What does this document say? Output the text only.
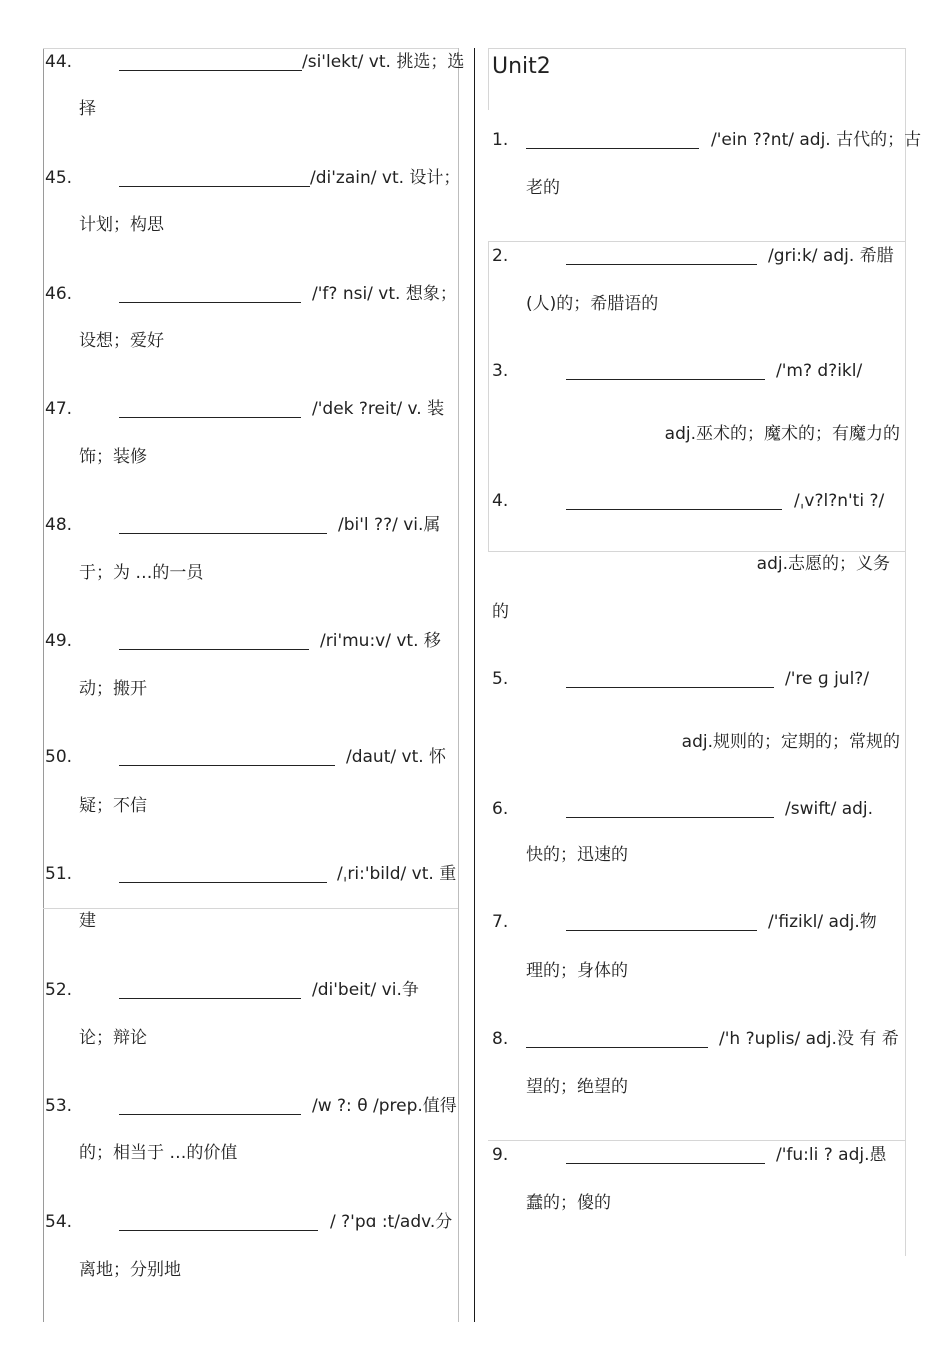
44.	/si'lekt/ vt. 挑选；选
择
45.	/di'zain/ vt. 设计；
计划；构思
46.	/'f? nsi/ vt. 想象；
设想；爱好
47.	/'dek ?reit/ v. 装
饰；装修
48.	/bi'l ??/ vi.属
于；为 …的一员
49.	/ri'mu:v/ vt. 移
动；搬开
50.	/daut/ vt. 怀
疑；不信
51.	/ˌri:'bild/ vt. 重
建
52.	/di'beit/ vi.争
论；辩论
53.	/w ?: θ /prep.值得
的；相当于 …的价值
54.	/ ?'pɑ :t/adv.分
离地；分别地
Unit2
1.	/'ein ??nt/ adj. 古代的；古
老的
2.	/gri:k/ adj. 希腊
(人)的；希腊语的
3.	/'m? d?ikl/
adj.巫术的；魔术的；有魔力的
4.	/ˌv?l?n'ti ?/
adj.志愿的；义务
的
5.	/'re ɡ jul?/
adj.规则的；定期的；常规的
6.	/swift/ adj.
快的；迅速的
7.	/'fizikl/ adj.物
理的；身体的
8.	/'h ?uplis/ adj.没 有 希
望的；绝望的
9.	/'fu:li ? adj.愚
蠢的；傻的
